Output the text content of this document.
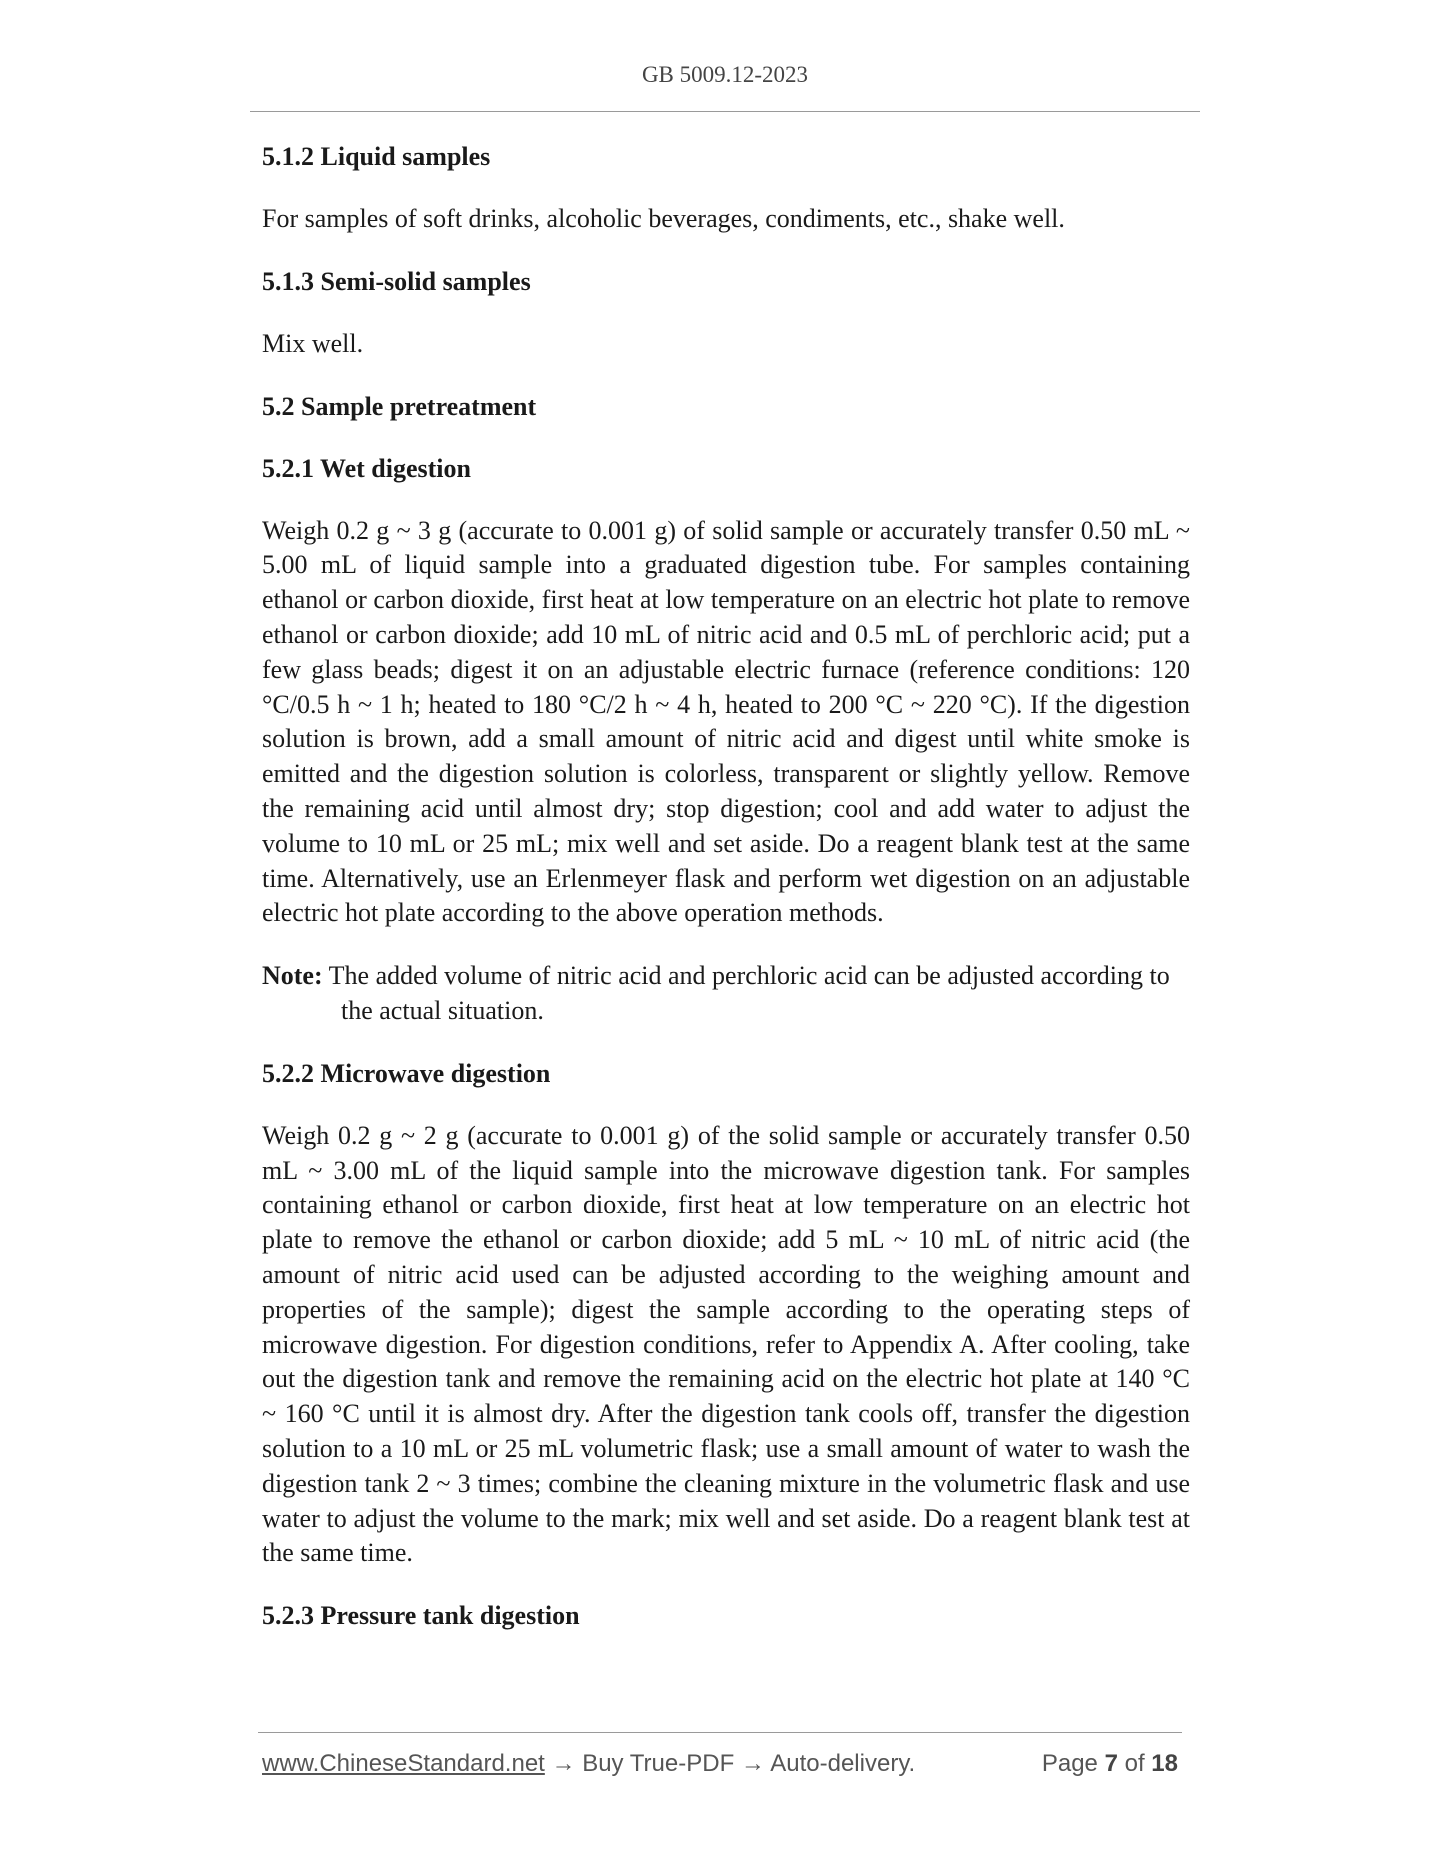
GB 5009.12-2023
5.1.2 Liquid samples
For samples of soft drinks, alcoholic beverages, condiments, etc., shake well.
5.1.3 Semi-solid samples
Mix well.
5.2 Sample pretreatment
5.2.1 Wet digestion
Weigh 0.2 g ~ 3 g (accurate to 0.001 g) of solid sample or accurately transfer 0.50 mL ~ 5.00 mL of liquid sample into a graduated digestion tube. For samples containing ethanol or carbon dioxide, first heat at low temperature on an electric hot plate to remove ethanol or carbon dioxide; add 10 mL of nitric acid and 0.5 mL of perchloric acid; put a few glass beads; digest it on an adjustable electric furnace (reference conditions: 120 °C/0.5 h ~ 1 h; heated to 180 °C/2 h ~ 4 h, heated to 200 °C ~ 220 °C). If the digestion solution is brown, add a small amount of nitric acid and digest until white smoke is emitted and the digestion solution is colorless, transparent or slightly yellow. Remove the remaining acid until almost dry; stop digestion; cool and add water to adjust the volume to 10 mL or 25 mL; mix well and set aside. Do a reagent blank test at the same time. Alternatively, use an Erlenmeyer flask and perform wet digestion on an adjustable electric hot plate according to the above operation methods.
Note: The added volume of nitric acid and perchloric acid can be adjusted according to the actual situation.
5.2.2 Microwave digestion
Weigh 0.2 g ~ 2 g (accurate to 0.001 g) of the solid sample or accurately transfer 0.50 mL ~ 3.00 mL of the liquid sample into the microwave digestion tank. For samples containing ethanol or carbon dioxide, first heat at low temperature on an electric hot plate to remove the ethanol or carbon dioxide; add 5 mL ~ 10 mL of nitric acid (the amount of nitric acid used can be adjusted according to the weighing amount and properties of the sample); digest the sample according to the operating steps of microwave digestion. For digestion conditions, refer to Appendix A. After cooling, take out the digestion tank and remove the remaining acid on the electric hot plate at 140 °C ~ 160 °C until it is almost dry. After the digestion tank cools off, transfer the digestion solution to a 10 mL or 25 mL volumetric flask; use a small amount of water to wash the digestion tank 2 ~ 3 times; combine the cleaning mixture in the volumetric flask and use water to adjust the volume to the mark; mix well and set aside. Do a reagent blank test at the same time.
5.2.3 Pressure tank digestion
www.ChineseStandard.net → Buy True-PDF → Auto-delivery.	Page 7 of 18
